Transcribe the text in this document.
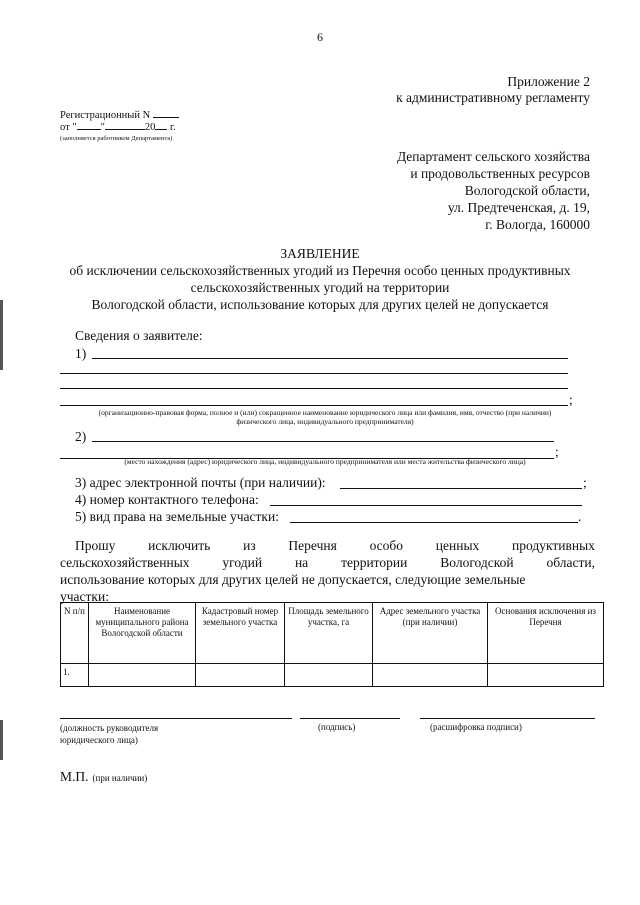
6
Приложение 2
к административному регламенту
Регистрационный N
от " "	20 г.
(заполняется работником Департамента)
Департамент сельского хозяйства
и продовольственных ресурсов
Вологодской области,
ул. Предтеченская, д. 19,
г. Вологда, 160000
ЗАЯВЛЕНИЕ
об исключении сельскохозяйственных угодий из Перечня особо ценных продуктивных
сельскохозяйственных угодий на территории
Вологодской области, использование которых для других целей не допускается
Сведения о заявителе:
1)
;
(организационно-правовая форма, полное и (или) сокращенное наименование юридического лица или фамилия, имя, отчество (при наличии)
физического лица, индивидуального предпринимателя)
2)
;
(место нахождения (адрес) юридического лица, индивидуального предпринимателя или места жительства физического лица)
3) адрес электронной почты (при наличии):	;
4) номер контактного телефона:
5) вид права на земельные участки:	.
Прошу исключить из Перечня особо ценных продуктивных
сельскохозяйственных угодий на территории Вологодской области,
использование которых для других целей не допускается, следующие земельные
участки:
N п/п	Наименование муниципального района Вологодской области	Кадастровый номер земельного участка	Площадь земельного участка, га	Адрес земельного участка (при наличии)	Основания исключения из Перечня
1.					
(должность руководителя
юридического лица)
(подпись)	(расшифровка подписи)
М.П. (при наличии)
